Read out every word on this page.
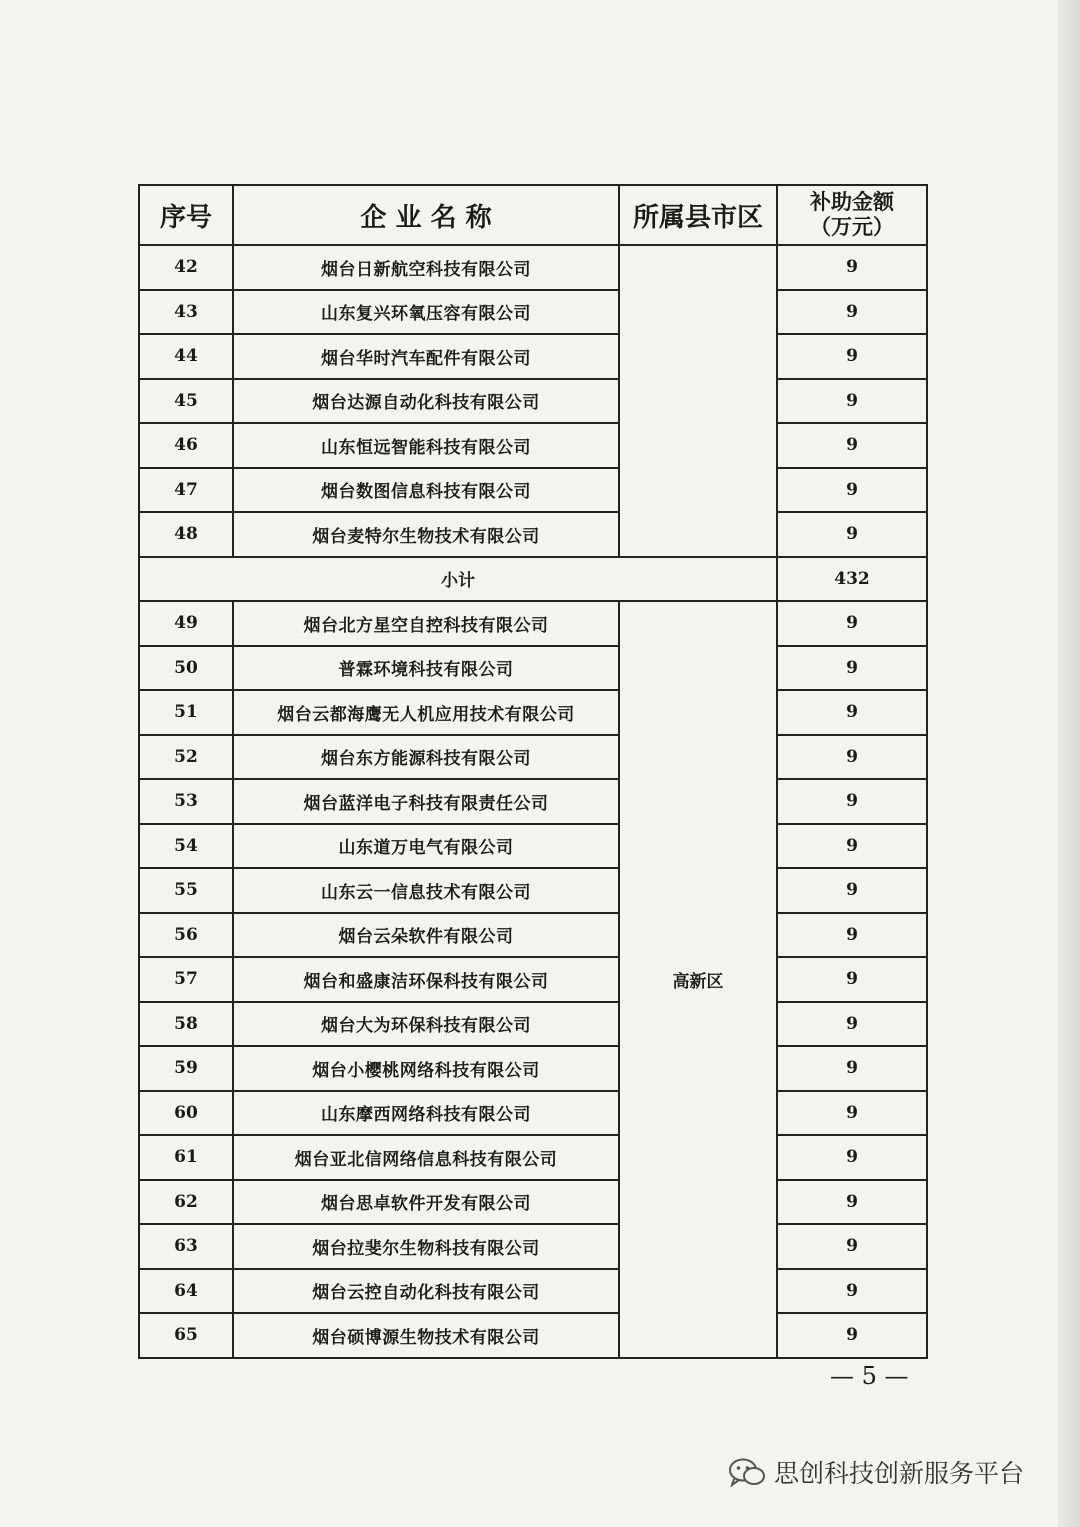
序号	企 业 名 称	所属县市区	补助金额（万元）
42	烟台日新航空科技有限公司		9
43	山东复兴环氧压容有限公司		9
44	烟台华时汽车配件有限公司		9
45	烟台达源自动化科技有限公司		9
46	山东恒远智能科技有限公司		9
47	烟台数图信息科技有限公司		9
48	烟台麦特尔生物技术有限公司		9
小计			432
49	烟台北方星空自控科技有限公司	高新区	9
50	普霖环境科技有限公司		9
51	烟台云都海鹰无人机应用技术有限公司		9
52	烟台东方能源科技有限公司		9
53	烟台蓝洋电子科技有限责任公司		9
54	山东道万电气有限公司		9
55	山东云一信息技术有限公司		9
56	烟台云朵软件有限公司		9
57	烟台和盛康洁环保科技有限公司		9
58	烟台大为环保科技有限公司		9
59	烟台小樱桃网络科技有限公司		9
60	山东摩西网络科技有限公司		9
61	烟台亚北信网络信息科技有限公司		9
62	烟台思卓软件开发有限公司		9
63	烟台拉斐尔生物科技有限公司		9
64	烟台云控自动化科技有限公司		9
65	烟台硕博源生物技术有限公司		9
— 5 —
思创科技创新服务平台
